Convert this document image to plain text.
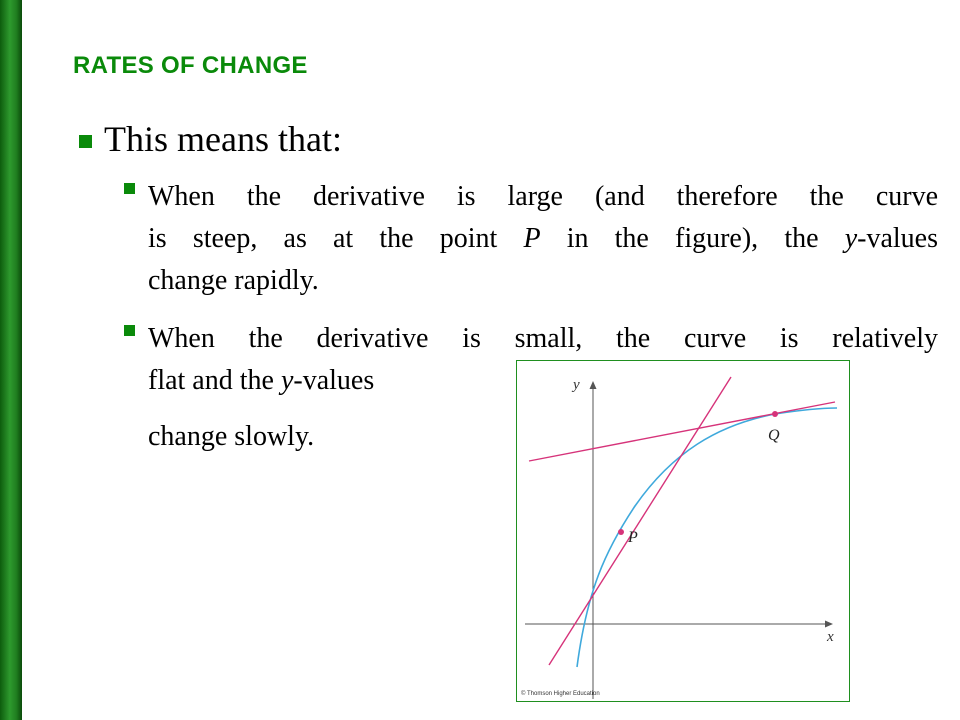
RATES OF CHANGE
This means that:
When the derivative is large (and therefore the curve
is steep, as at the point P in the figure), the y-values
change rapidly.
When the derivative is small, the curve is relatively
flat and the y-values
change slowly.
y
x
P
Q
© Thomson Higher Education
